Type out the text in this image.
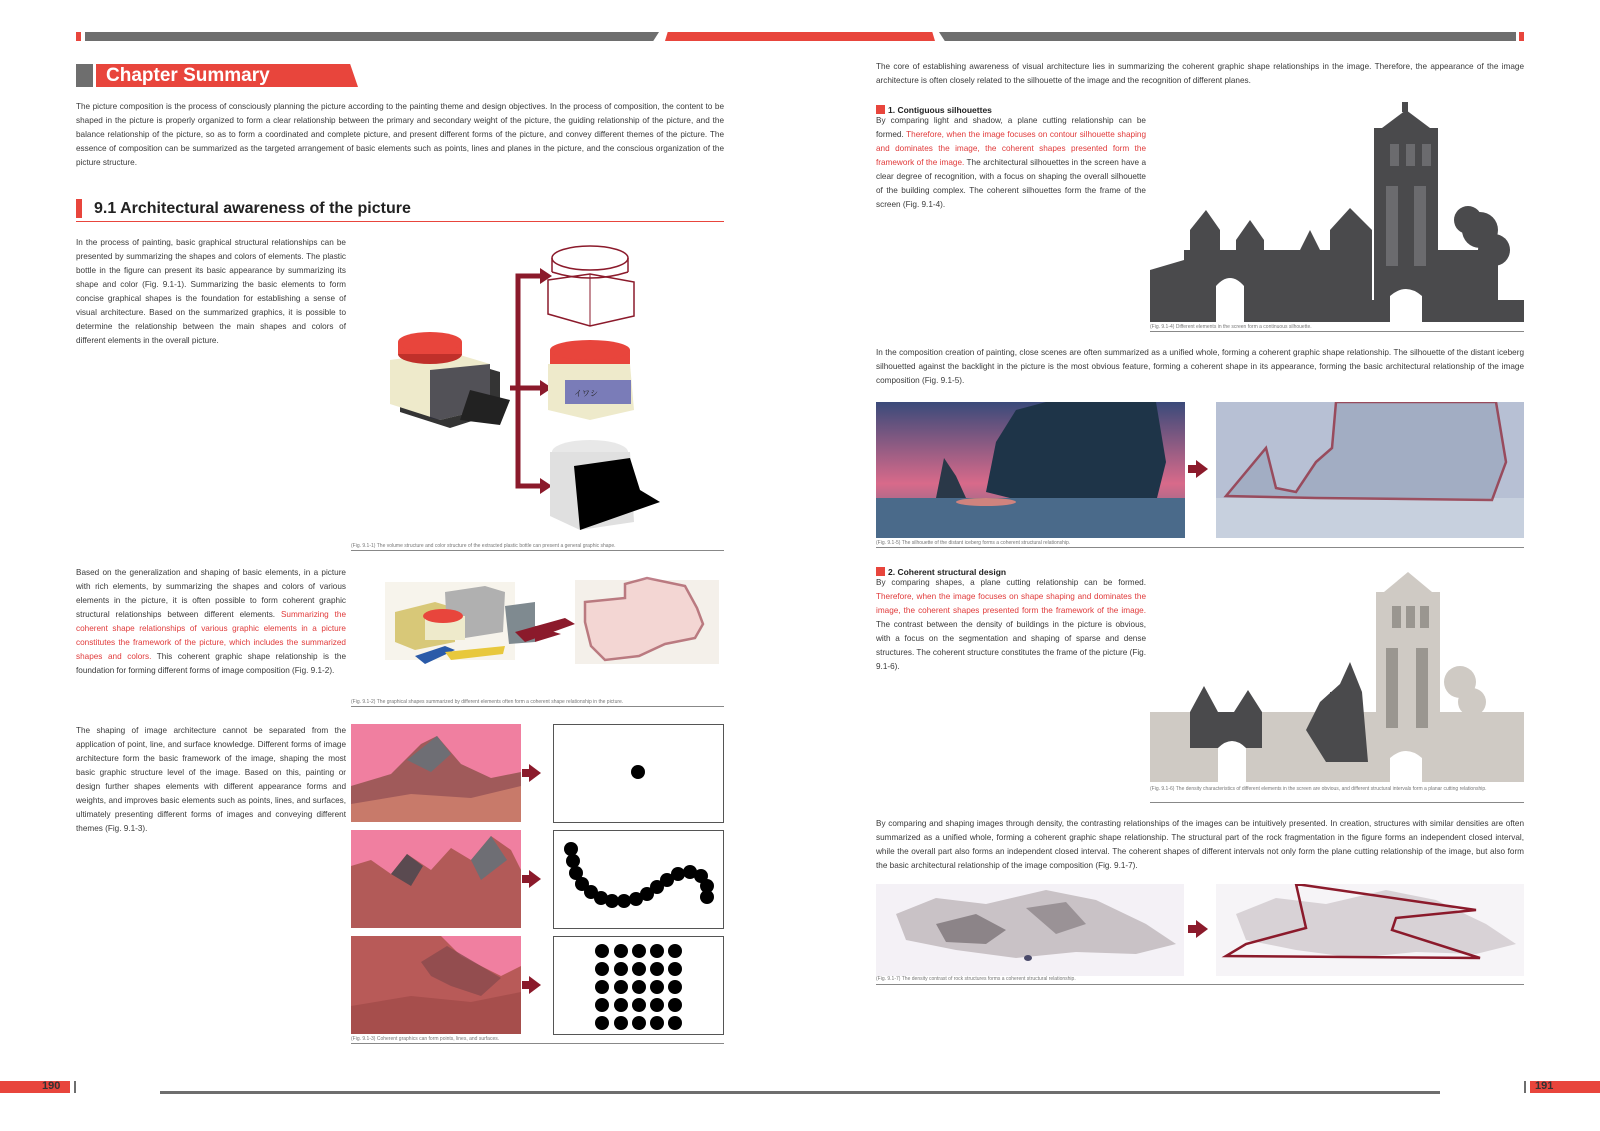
Chapter Summary
The picture composition is the process of consciously planning the picture according to the painting theme and design objectives. In the process of composition, the content to be shaped in the picture is properly organized to form a clear relationship between the primary and secondary weight of the picture, the guiding relationship of the picture, and the balance relationship of the picture, so as to form a coordinated and complete picture, and present different forms of the picture, and convey different themes of the picture. The essence of composition can be summarized as the targeted arrangement of basic elements such as points, lines and planes in the picture, and the conscious organization of the picture structure.
9.1 Architectural awareness of the picture
In the process of painting, basic graphical structural relationships can be presented by summarizing the shapes and colors of elements. The plastic bottle in the figure can present its basic appearance by summarizing its shape and color (Fig. 9.1-1). Summarizing the basic elements to form concise graphical shapes is the foundation for establishing a sense of visual architecture. Based on the summarized graphics, it is possible to determine the relationship between the main shapes and colors of different elements in the overall picture.
イワシ
(Fig. 9.1-1) The volume structure and color structure of the extracted plastic bottle can present a general graphic shape.
Based on the generalization and shaping of basic elements, in a picture with rich elements, by summarizing the shapes and colors of various elements in the picture, it is often possible to form coherent graphic structural relationships between different elements. Summarizing the coherent shape relationships of various graphic elements in a picture constitutes the framework of the picture, which includes the summarized shapes and colors. This coherent graphic shape relationship is the foundation for forming different forms of image composition (Fig. 9.1-2).
(Fig. 9.1-2) The graphical shapes summarized by different elements often form a coherent shape relationship in the picture.
The shaping of image architecture cannot be separated from the application of point, line, and surface knowledge. Different forms of image architecture form the basic framework of the image, shaping the most basic graphic structure level of the image. Based on this, painting or design further shapes elements with different appearance forms and weights, and improves basic elements such as points, lines, and surfaces, ultimately presenting different forms of images and conveying different themes (Fig. 9.1-3).
(Fig. 9.1-3) Coherent graphics can form points, lines, and surfaces.
The core of establishing awareness of visual architecture lies in summarizing the coherent graphic shape relationships in the image. Therefore, the appearance of the image architecture is often closely related to the silhouette of the image and the recognition of different planes.
1. Contiguous silhouettes
By comparing light and shadow, a plane cutting relationship can be formed. Therefore, when the image focuses on contour silhouette shaping and dominates the image, the coherent shapes presented form the framework of the image. The architectural silhouettes in the screen have a clear degree of recognition, with a focus on shaping the overall silhouette of the building complex. The coherent silhouettes form the frame of the screen (Fig. 9.1-4).
(Fig. 9.1-4) Different elements in the screen form a continuous silhouette.
In the composition creation of painting, close scenes are often summarized as a unified whole, forming a coherent graphic shape relationship. The silhouette of the distant iceberg silhouetted against the backlight in the picture is the most obvious feature, forming a coherent shape in its appearance, forming the basic architectural relationship of the image composition (Fig. 9.1-5).
(Fig. 9.1-5) The silhouette of the distant iceberg forms a coherent structural relationship.
2. Coherent structural design
By comparing shapes, a plane cutting relationship can be formed. Therefore, when the image focuses on shape shaping and dominates the image, the coherent shapes presented form the framework of the image. The contrast between the density of buildings in the picture is obvious, with a focus on the segmentation and shaping of sparse and dense structures. The coherent structure constitutes the frame of the picture (Fig. 9.1-6).
(Fig. 9.1-6) The density characteristics of different elements in the screen are obvious, and different structural intervals form a planar cutting relationship.
By comparing and shaping images through density, the contrasting relationships of the images can be intuitively presented. In creation, structures with similar densities are often summarized as a unified whole, forming a coherent graphic shape relationship. The structural part of the rock fragmentation in the figure forms an independent closed interval, while the overall part also forms an independent closed interval. The coherent shapes of different intervals not only form the plane cutting relationship of the image, but also form the basic architectural relationship of the image composition (Fig. 9.1-7).
(Fig. 9.1-7) The density contrast of rock structures forms a coherent structural relationship.
190	191
